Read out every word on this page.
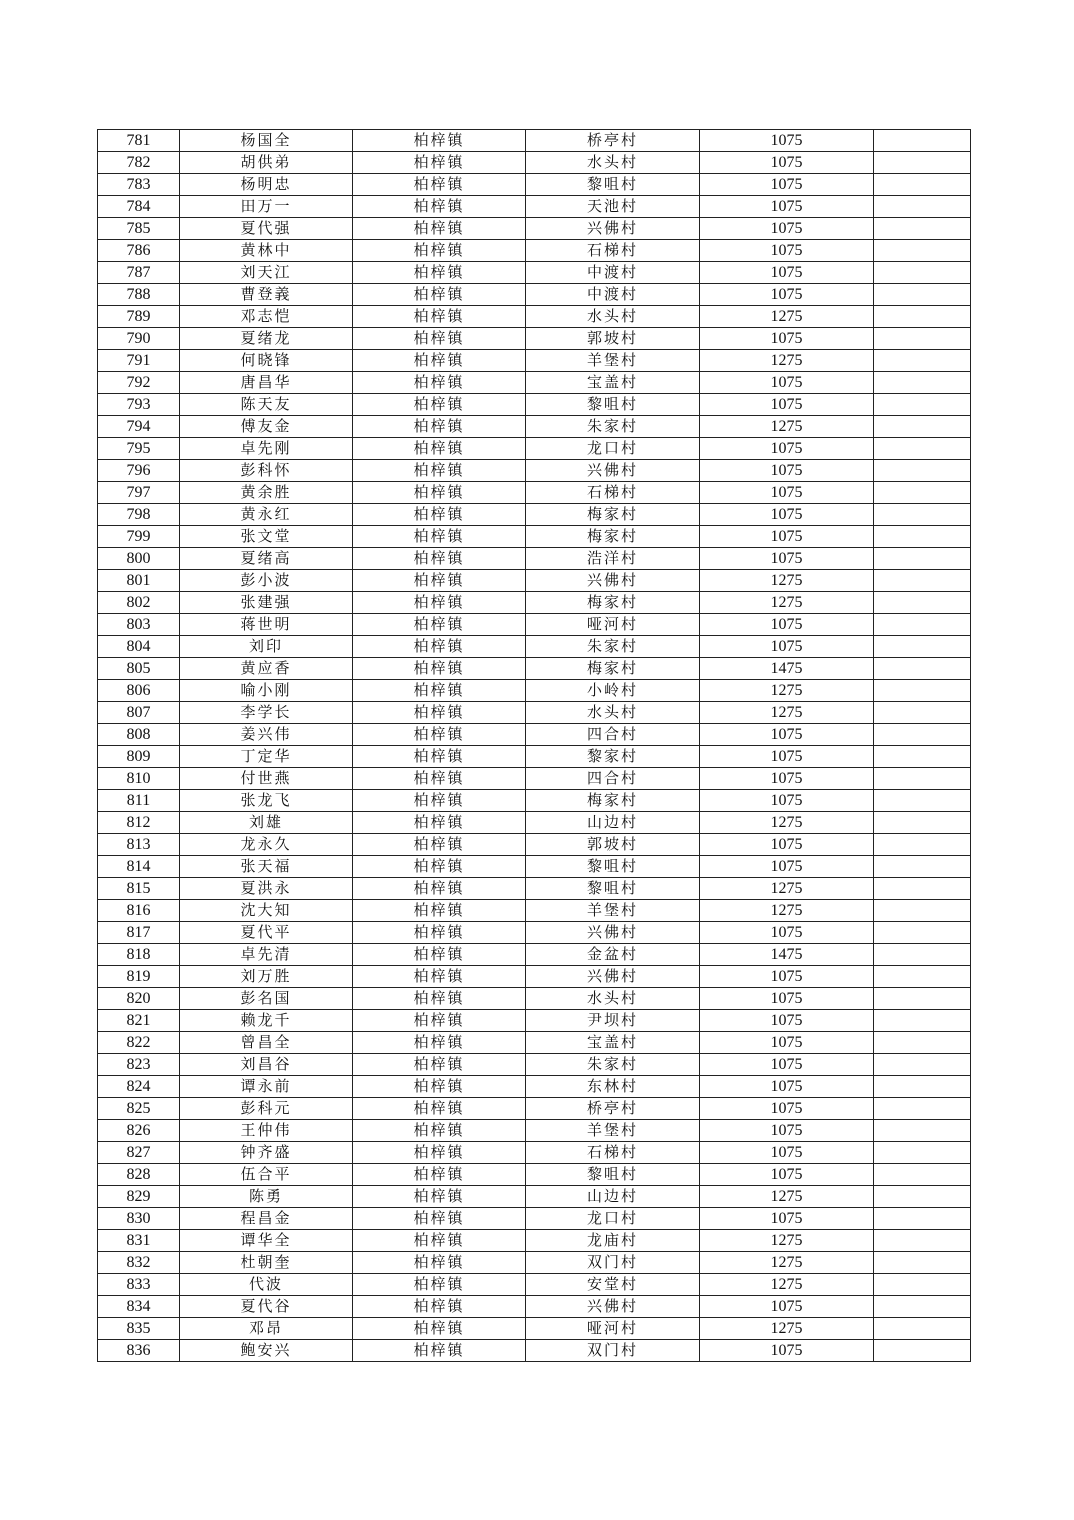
781	杨国全	柏梓镇	桥亭村	1075	
782	胡供弟	柏梓镇	水头村	1075	
783	杨明忠	柏梓镇	黎咀村	1075	
784	田万一	柏梓镇	天池村	1075	
785	夏代强	柏梓镇	兴佛村	1075	
786	黄林中	柏梓镇	石梯村	1075	
787	刘天江	柏梓镇	中渡村	1075	
788	曹登義	柏梓镇	中渡村	1075	
789	邓志恺	柏梓镇	水头村	1275	
790	夏绪龙	柏梓镇	郭坡村	1075	
791	何晓锋	柏梓镇	羊堡村	1275	
792	唐昌华	柏梓镇	宝盖村	1075	
793	陈天友	柏梓镇	黎咀村	1075	
794	傅友金	柏梓镇	朱家村	1275	
795	卓先刚	柏梓镇	龙口村	1075	
796	彭科怀	柏梓镇	兴佛村	1075	
797	黄余胜	柏梓镇	石梯村	1075	
798	黄永红	柏梓镇	梅家村	1075	
799	张文堂	柏梓镇	梅家村	1075	
800	夏绪高	柏梓镇	浩洋村	1075	
801	彭小波	柏梓镇	兴佛村	1275	
802	张建强	柏梓镇	梅家村	1275	
803	蒋世明	柏梓镇	哑河村	1075	
804	刘印	柏梓镇	朱家村	1075	
805	黄应香	柏梓镇	梅家村	1475	
806	喻小刚	柏梓镇	小岭村	1275	
807	李学长	柏梓镇	水头村	1275	
808	姜兴伟	柏梓镇	四合村	1075	
809	丁定华	柏梓镇	黎家村	1075	
810	付世燕	柏梓镇	四合村	1075	
811	张龙飞	柏梓镇	梅家村	1075	
812	刘雄	柏梓镇	山边村	1275	
813	龙永久	柏梓镇	郭坡村	1075	
814	张天福	柏梓镇	黎咀村	1075	
815	夏洪永	柏梓镇	黎咀村	1275	
816	沈大知	柏梓镇	羊堡村	1275	
817	夏代平	柏梓镇	兴佛村	1075	
818	卓先清	柏梓镇	金盆村	1475	
819	刘万胜	柏梓镇	兴佛村	1075	
820	彭名国	柏梓镇	水头村	1075	
821	赖龙千	柏梓镇	尹坝村	1075	
822	曾昌全	柏梓镇	宝盖村	1075	
823	刘昌谷	柏梓镇	朱家村	1075	
824	谭永前	柏梓镇	东林村	1075	
825	彭科元	柏梓镇	桥亭村	1075	
826	王仲伟	柏梓镇	羊堡村	1075	
827	钟齐盛	柏梓镇	石梯村	1075	
828	伍合平	柏梓镇	黎咀村	1075	
829	陈勇	柏梓镇	山边村	1275	
830	程昌金	柏梓镇	龙口村	1075	
831	谭华全	柏梓镇	龙庙村	1275	
832	杜朝奎	柏梓镇	双门村	1275	
833	代波	柏梓镇	安堂村	1275	
834	夏代谷	柏梓镇	兴佛村	1075	
835	邓昂	柏梓镇	哑河村	1275	
836	鲍安兴	柏梓镇	双门村	1075	
